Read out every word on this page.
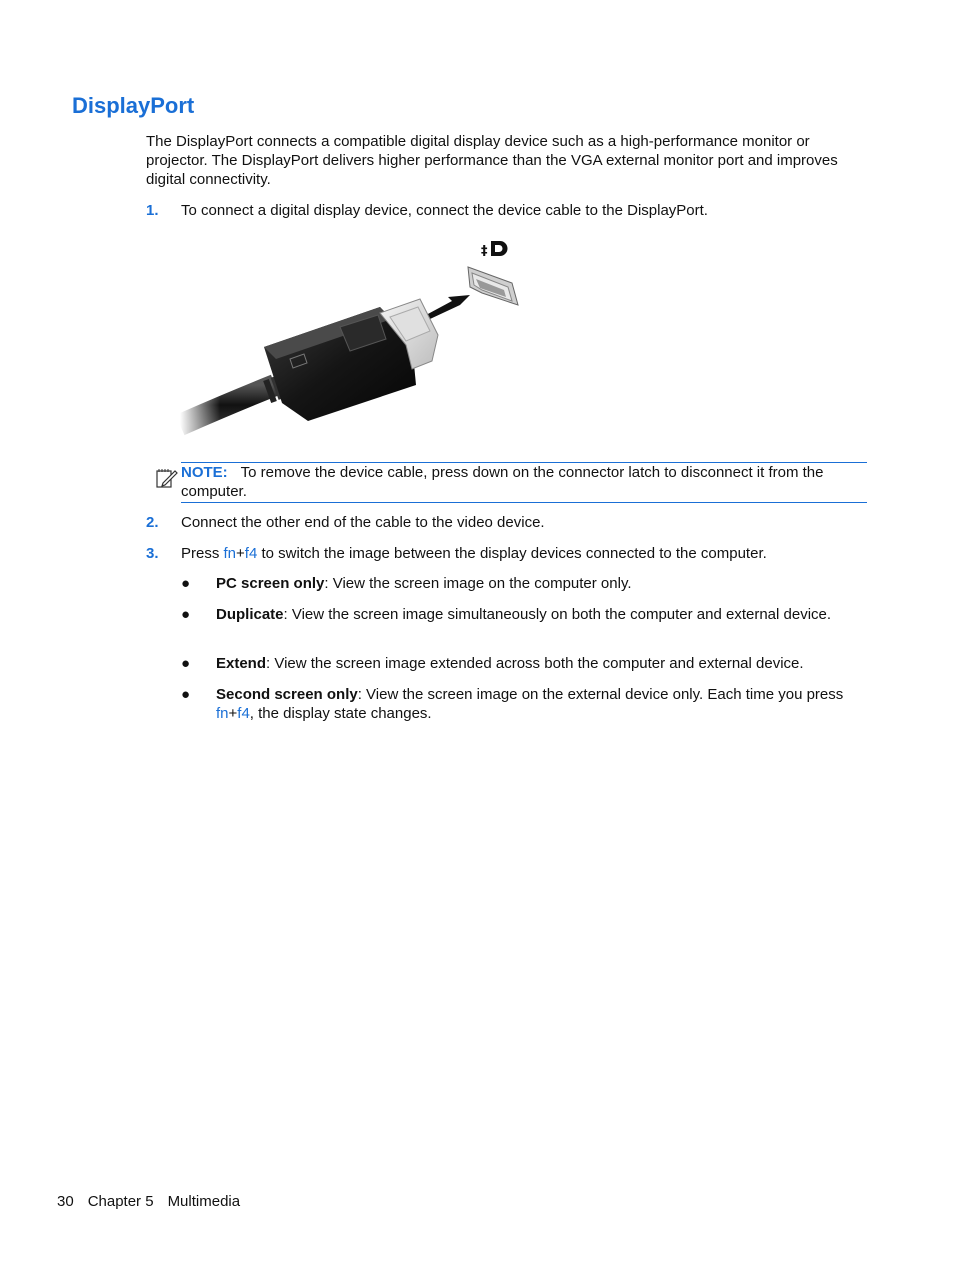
DisplayPort
The DisplayPort connects a compatible digital display device such as a high-performance monitor or projector. The DisplayPort delivers higher performance than the VGA external monitor port and improves digital connectivity.
1. To connect a digital display device, connect the device cable to the DisplayPort.
‡
NOTE: To remove the device cable, press down on the connector latch to disconnect it from the computer.
2. Connect the other end of the cable to the video device.
3. Press fn+f4 to switch the image between the display devices connected to the computer.
● PC screen only: View the screen image on the computer only.
● Duplicate: View the screen image simultaneously on both the computer and external device.
● Extend: View the screen image extended across both the computer and external device.
● Second screen only: View the screen image on the external device only. Each time you press fn+f4, the display state changes.
30 Chapter 5 Multimedia
